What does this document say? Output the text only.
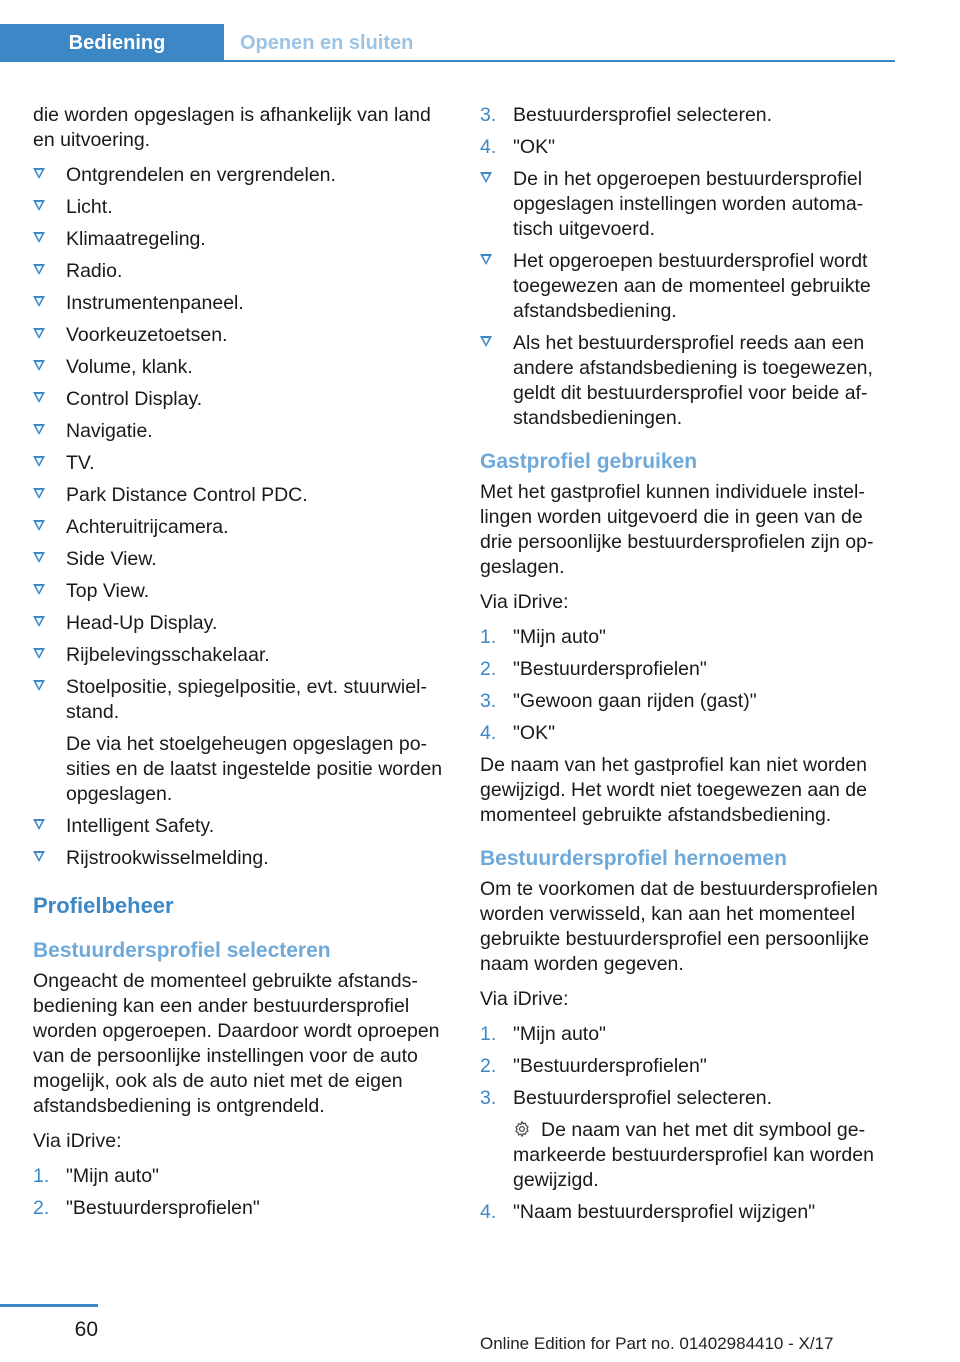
Bediening	Openen en sluiten

die worden opgeslagen is afhankelijk van land en uitvoering.

Ontgrendelen en vergrendelen.
Licht.
Klimaatregeling.
Radio.
Instrumentenpaneel.
Voorkeuzetoetsen.
Volume, klank.
Control Display.
Navigatie.
TV.
Park Distance Control PDC.
Achteruitrijcamera.
Side View.
Top View.
Head-Up Display.
Rijbelevingsschakelaar.
Stoelpositie, spiegelpositie, evt. stuurwielstand.
De via het stoelgeheugen opgeslagen posities en de laatst ingestelde positie worden opgeslagen.
Intelligent Safety.
Rijstrookwisselmelding.
Profielbeheer
Bestuurdersprofiel selecteren

Ongeacht de momenteel gebruikte afstandsbediening kan een ander bestuurdersprofiel worden opgeroepen. Daardoor wordt oproepen van de persoonlijke instellingen voor de auto mogelijk, ook als de auto niet met de eigen afstandsbediening is ontgrendeld.

Via iDrive:

1. "Mijn auto"
2. "Bestuurdersprofielen"
3. Bestuurdersprofiel selecteren.
4. "OK"
De in het opgeroepen bestuurdersprofiel opgeslagen instellingen worden automatisch uitgevoerd.
Het opgeroepen bestuurdersprofiel wordt toegewezen aan de momenteel gebruikte afstandsbediening.
Als het bestuurdersprofiel reeds aan een andere afstandsbediening is toegewezen, geldt dit bestuurdersprofiel voor beide afstandsbedieningen.
Gastprofiel gebruiken

Met het gastprofiel kunnen individuele instellingen worden uitgevoerd die in geen van de drie persoonlijke bestuurdersprofielen zijn opgeslagen.

Via iDrive:

1. "Mijn auto"
2. "Bestuurdersprofielen"
3. "Gewoon gaan rijden (gast)"
4. "OK"

De naam van het gastprofiel kan niet worden gewijzigd. Het wordt niet toegewezen aan de momenteel gebruikte afstandsbediening.

Bestuurdersprofiel hernoemen

Om te voorkomen dat de bestuurdersprofielen worden verwisseld, kan aan het momenteel gebruikte bestuurdersprofiel een persoonlijke naam worden gegeven.

Via iDrive:

1. "Mijn auto"
2. "Bestuurdersprofielen"
3. Bestuurdersprofiel selecteren.
De naam van het met dit symbool gemarkeerde bestuurdersprofiel kan worden gewijzigd.
4. "Naam bestuurdersprofiel wijzigen"
60
Online Edition for Part no. 01402984410 - X/17
